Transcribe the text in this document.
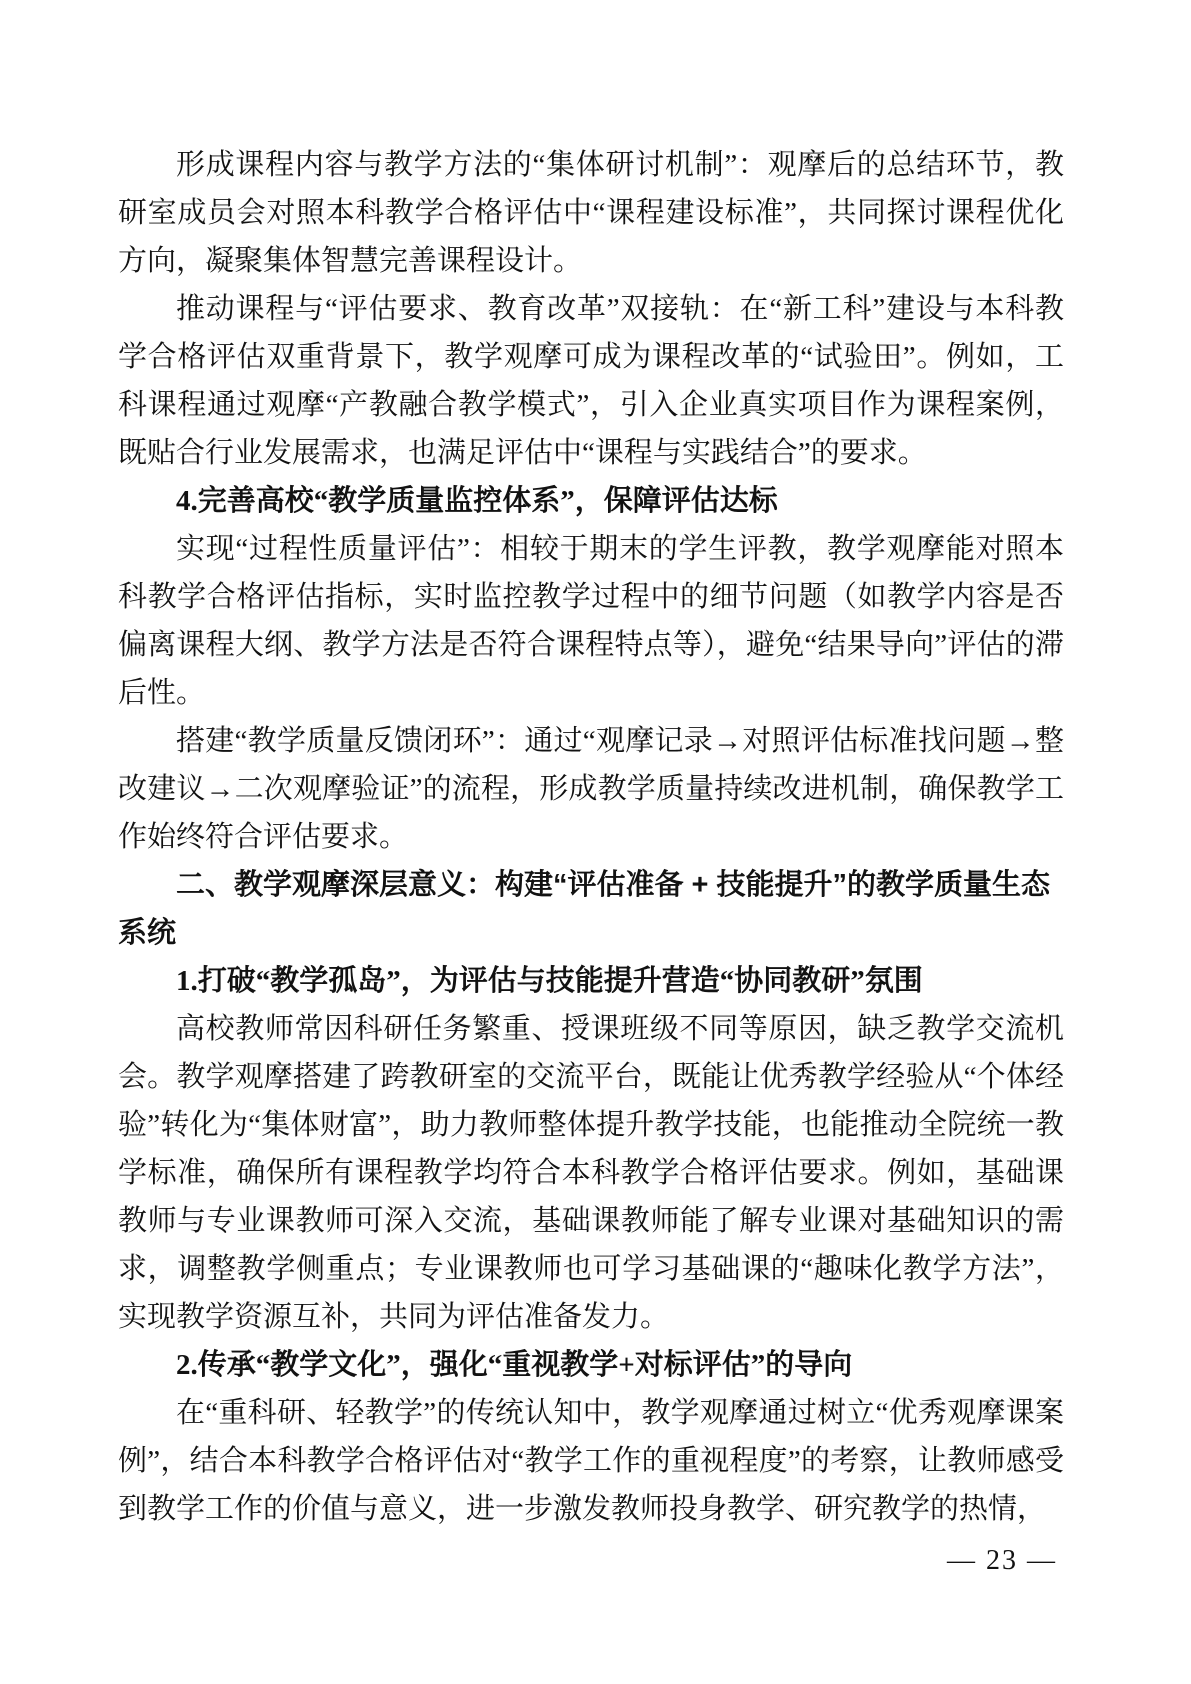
形成课程内容与教学方法的“集体研讨机制”：观摩后的总结环节，教研室成员会对照本科教学合格评估中“课程建设标准”，共同探讨课程优化方向，凝聚集体智慧完善课程设计。
推动课程与“评估要求、教育改革”双接轨：在“新工科”建设与本科教学合格评估双重背景下，教学观摩可成为课程改革的“试验田”。例如，工科课程通过观摩“产教融合教学模式”，引入企业真实项目作为课程案例，既贴合行业发展需求，也满足评估中“课程与实践结合”的要求。
4.完善高校“教学质量监控体系”，保障评估达标
实现“过程性质量评估”：相较于期末的学生评教，教学观摩能对照本科教学合格评估指标，实时监控教学过程中的细节问题（如教学内容是否偏离课程大纲、教学方法是否符合课程特点等），避免“结果导向”评估的滞后性。
搭建“教学质量反馈闭环”：通过“观摩记录→对照评估标准找问题→整改建议→二次观摩验证”的流程，形成教学质量持续改进机制，确保教学工作始终符合评估要求。
二、教学观摩深层意义：构建“评估准备 + 技能提升”的教学质量生态系统
1.打破“教学孤岛”，为评估与技能提升营造“协同教研”氛围
高校教师常因科研任务繁重、授课班级不同等原因，缺乏教学交流机会。教学观摩搭建了跨教研室的交流平台，既能让优秀教学经验从“个体经验”转化为“集体财富”，助力教师整体提升教学技能，也能推动全院统一教学标准，确保所有课程教学均符合本科教学合格评估要求。例如，基础课教师与专业课教师可深入交流，基础课教师能了解专业课对基础知识的需求，调整教学侧重点；专业课教师也可学习基础课的“趣味化教学方法”，实现教学资源互补，共同为评估准备发力。
2.传承“教学文化”，强化“重视教学+对标评估”的导向
在“重科研、轻教学”的传统认知中，教学观摩通过树立“优秀观摩课案例”，结合本科教学合格评估对“教学工作的重视程度”的考察，让教师感受到教学工作的价值与意义，进一步激发教师投身教学、研究教学的热情，
— 23 —
